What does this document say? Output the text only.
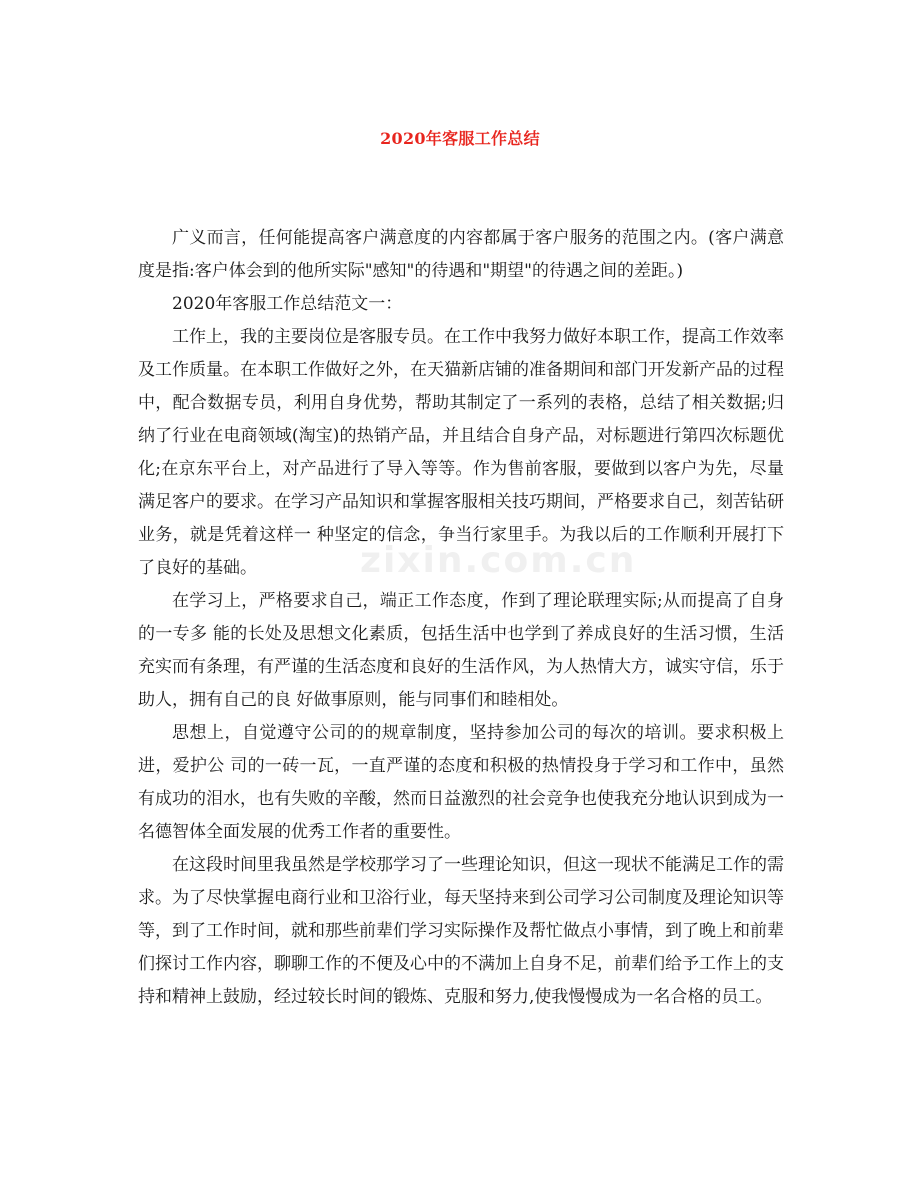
2020年客服工作总结

广义而言，任何能提高客户满意度的内容都属于客户服务的范围之内。(客户满意度是指:客户体会到的他所实际"感知"的待遇和"期望"的待遇之间的差距。)

2020年客服工作总结范文一：

工作上，我的主要岗位是客服专员。在工作中我努力做好本职工作，提高工作效率及工作质量。在本职工作做好之外，在天猫新店铺的准备期间和部门开发新产品的过程中，配合数据专员，利用自身优势，帮助其制定了一系列的表格，总结了相关数据;归纳了行业在电商领域(淘宝)的热销产品，并且结合自身产品，对标题进行第四次标题优化;在京东平台上，对产品进行了导入等等。作为售前客服，要做到以客户为先，尽量满足客户的要求。在学习产品知识和掌握客服相关技巧期间，严格要求自己，刻苦钻研业务，就是凭着这样一 种坚定的信念，争当行家里手。为我以后的工作顺利开展打下了良好的基础。

在学习上，严格要求自己，端正工作态度，作到了理论联理实际;从而提高了自身的一专多 能的长处及思想文化素质，包括生活中也学到了养成良好的生活习惯，生活充实而有条理，有严谨的生活态度和良好的生活作风，为人热情大方，诚实守信，乐于助人，拥有自己的良 好做事原则，能与同事们和睦相处。

思想上，自觉遵守公司的的规章制度，坚持参加公司的每次的培训。要求积极上进，爱护公 司的一砖一瓦，一直严谨的态度和积极的热情投身于学习和工作中，虽然有成功的泪水，也有失败的辛酸，然而日益激烈的社会竞争也使我充分地认识到成为一名德智体全面发展的优秀工作者的重要性。

在这段时间里我虽然是学校那学习了一些理论知识，但这一现状不能满足工作的需求。为了尽快掌握电商行业和卫浴行业，每天坚持来到公司学习公司制度及理论知识等等，到了工作时间，就和那些前辈们学习实际操作及帮忙做点小事情，到了晚上和前辈们探讨工作内容，聊聊工作的不便及心中的不满加上自身不足，前辈们给予工作上的支持和精神上鼓励，经过较长时间的锻炼、克服和努力,使我慢慢成为一名合格的员工。

zixin.com.cn
